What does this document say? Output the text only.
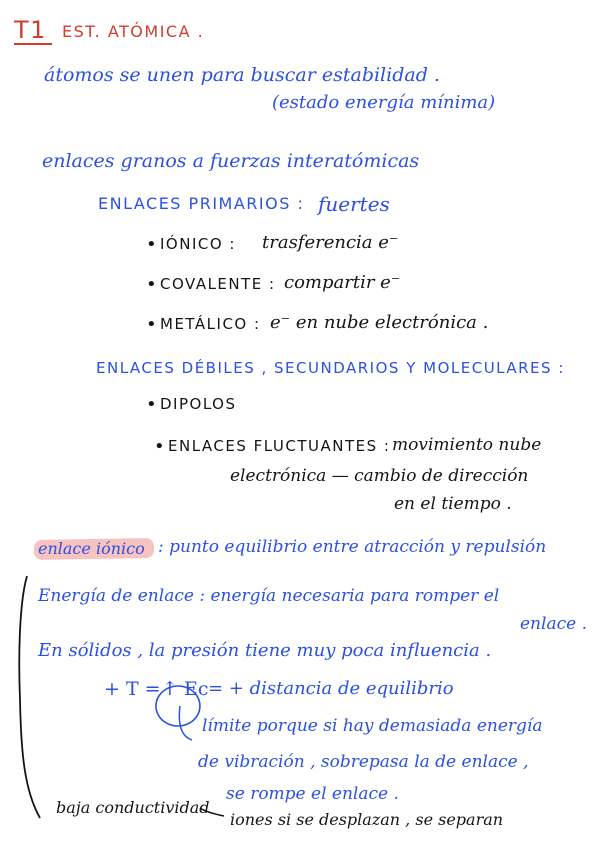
T1 EST. ATÓMICA .
átomos se unen para buscar estabilidad .
(estado energía mínima)
enlaces granos a fuerzas interatómicas
ENLACES PRIMARIOS : fuertes
• IÓNICO : trasferencia e⁻
• COVALENTE : compartir e⁻
• METÁLICO : e⁻ en nube electrónica .
ENLACES DÉBILES , SECUNDARIOS Y MOLECULARES :
• DIPOLOS
• ENLACES FLUCTUANTES : movimiento nube
electrónica — cambio de dirección
en el tiempo .
enlace iónico : punto equilibrio entre atracción y repulsión
Energía de enlace : energía necesaria para romper el
enlace .
En sólidos , la presión tiene muy poca influencia .
+ T = ↑ Ec = + distancia de equilibrio
límite porque si hay demasiada energía
de vibración , sobrepasa la de enlace ,
se rompe el enlace .
baja conductividad
iones si se desplazan , se separan
